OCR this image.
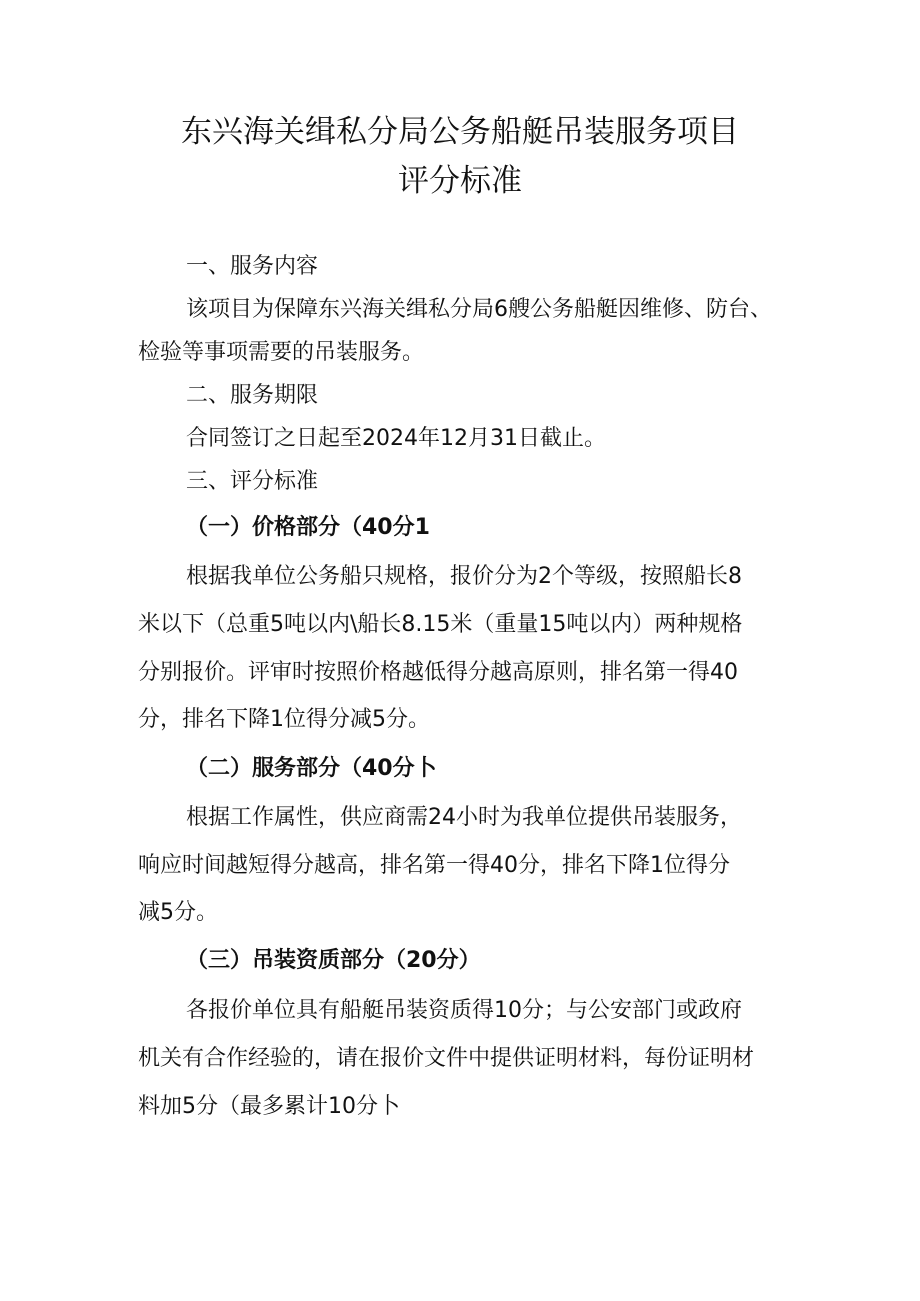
东兴海关缉私分局公务船艇吊装服务项目
评分标准

一、服务内容

该项目为保障东兴海关缉私分局6艘公务船艇因维修、防台、

检验等事项需要的吊装服务。

二、服务期限

合同签订之日起至2024年12月31日截止。

三、评分标准

（一）价格部分（40分1

根据我单位公务船只规格，报价分为2个等级，按照船长8

米以下（总重5吨以内\船长8.15米（重量15吨以内）两种规格

分别报价。评审时按照价格越低得分越高原则，排名第一得40

分，排名下降1位得分减5分。

（二）服务部分（40分卜

根据工作属性，供应商需24小时为我单位提供吊装服务，

响应时间越短得分越高，排名第一得40分，排名下降1位得分

减5分。

（三）吊装资质部分（20分）

各报价单位具有船艇吊装资质得10分；与公安部门或政府

机关有合作经验的，请在报价文件中提供证明材料，每份证明材

料加5分（最多累计10分卜
